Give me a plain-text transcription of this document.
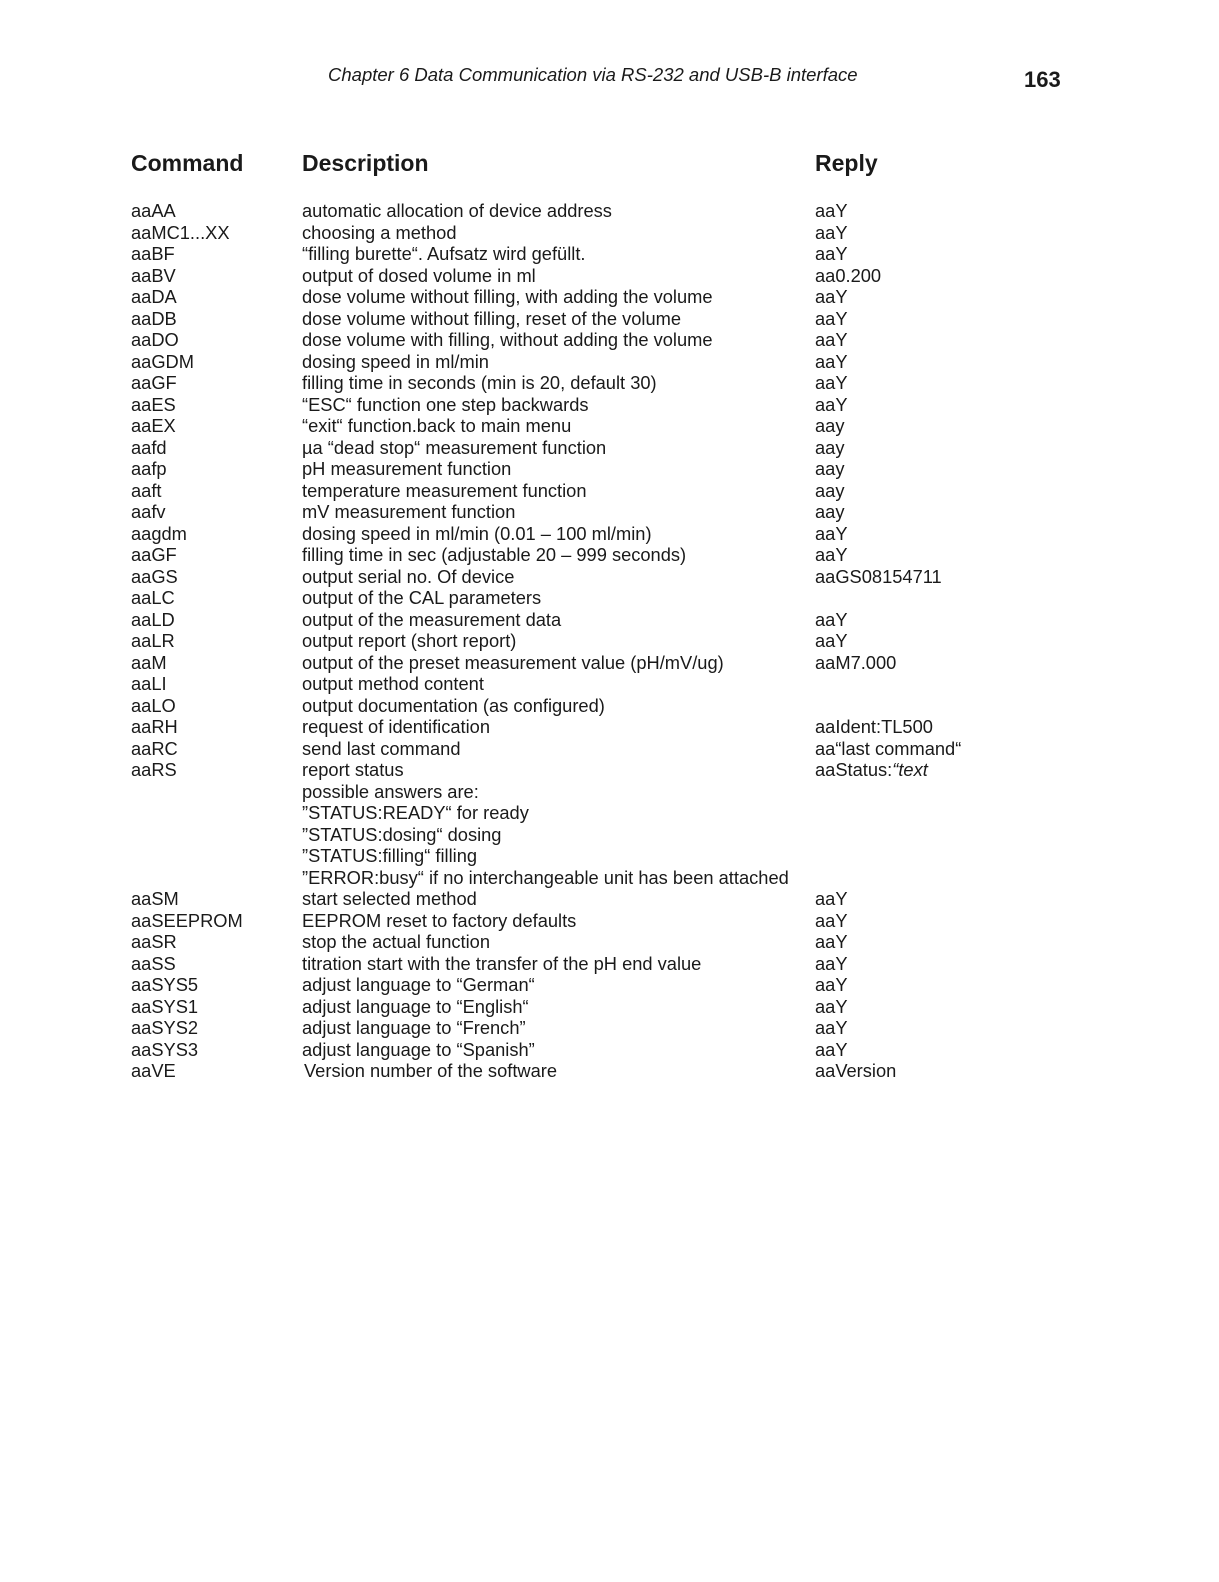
Chapter 6 Data Communication via RS-232 and USB-B interface	163
Command	Description	Reply
aaAA	automatic allocation of device address	aaY
aaMC1...XX	choosing a method	aaY
aaBF	“filling burette“. Aufsatz wird gefüllt.	aaY
aaBV	output of dosed volume in ml	aa0.200
aaDA	dose volume without filling, with adding the volume	aaY
aaDB	dose volume without filling, reset of the volume	aaY
aaDO	dose volume with filling, without adding the volume	aaY
aaGDM	dosing speed in ml/min	aaY
aaGF	filling time in seconds (min is 20, default 30)	aaY
aaES	“ESC“ function one step backwards	aaY
aaEX	“exit“ function.back to main menu	aay
aafd	µa “dead stop“ measurement function	aay
aafp	pH measurement function	aay
aaft	temperature measurement function	aay
aafv	mV measurement function	aay
aagdm	dosing speed in ml/min (0.01 – 100 ml/min)	aaY
aaGF	filling time in sec (adjustable 20 – 999 seconds)	aaY
aaGS	output serial no. Of device	aaGS08154711
aaLC	output of the CAL parameters
aaLD	output of the measurement data	aaY
aaLR	output report (short report)	aaY
aaM	output of the preset measurement value (pH/mV/ug)	aaM7.000
aaLI	output method content
aaLO	output documentation (as configured)
aaRH	request of identification	aaIdent:TL500
aaRC	send last command	aa“last command“
aaRS	report status	aaStatus:“text
possible answers are:
”STATUS:READY“ for ready
”STATUS:dosing“ dosing
”STATUS:filling“ filling
”ERROR:busy“ if no interchangeable unit has been attached
aaSM	start selected method	aaY
aaSEEPROM	EEPROM reset to factory defaults	aaY
aaSR	stop the actual function	aaY
aaSS	titration start with the transfer of the pH end value	aaY
aaSYS5	adjust language to “German“	aaY
aaSYS1	adjust language to “English“	aaY
aaSYS2	adjust language to “French”	aaY
aaSYS3	adjust language to “Spanish”	aaY
aaVE	Version number of the software	aaVersion
